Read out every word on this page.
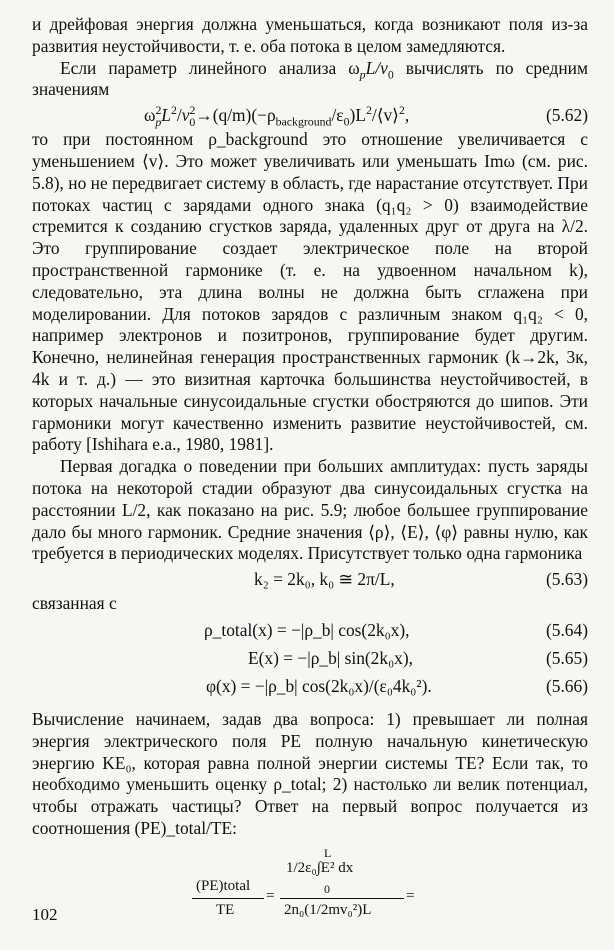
и дрейфовая энергия должна уменьшаться, когда возникают поля из-за развития неустойчивости, т. е. оба потока в целом замедляются.

Если параметр линейного анализа $\omega_pL/v_0$ вычислять по средним значениям

$\omega^2_pL^2/v^2_0\to(q/m)(-\rho_{background}/\varepsilon_0)L^2/⟨v⟩^2$,	(5.62)

то при постоянном ρ_background это отношение увеличивается с уменьшением ⟨v⟩. Это может увеличивать или уменьшать Imω (см. рис. 5.8), но не передвигает систему в область, где нарастание отсутствует. При потоках частиц с зарядами одного знака (q₁q₂ > 0) взаимодействие стремится к созданию сгустков заряда, удаленных друг от друга на λ/2. Это группирование создает электрическое поле на второй пространственной гармонике (т. е. на удвоенном начальном k), следовательно, эта длина волны не должна быть сглажена при моделировании. Для потоков зарядов с различным знаком q₁q₂ < 0, например электронов и позитронов, группирование будет другим. Конечно, нелинейная генерация пространственных гармоник (k→2k, 3к, 4k и т. д.) — это визитная карточка большинства неустойчивостей, в которых начальные синусоидальные сгустки обостряются до шипов. Эти гармоники могут качественно изменить развитие неустойчивостей, см. работу [Ishihara e.a., 1980, 1981].

Первая догадка о поведении при больших амплитудах: пусть заряды потока на некоторой стадии образуют два синусоидальных сгустка на расстоянии L/2, как показано на рис. 5.9; любое большее группирование дало бы много гармоник. Средние значения ⟨ρ⟩, ⟨E⟩, ⟨φ⟩ равны нулю, как требуется в периодических моделях. Присутствует только одна гармоника

k₂ = 2k₀, k₀ ≅ 2π/L,	(5.63)

связанная с

ρ_total(x) = −|ρ_b| cos(2k₀x),	(5.64)
E(x) = −|ρ_b| sin(2k₀x),	(5.65)
φ(x) = −|ρ_b| cos(2k₀x)/(ε₀4k₀²).	(5.66)

Вычисление начинаем, задав два вопроса: 1) превышает ли полная энергия электрического поля PE полную начальную кинетическую энергию KE₀, которая равна полной энергии системы TE? Если так, то необходимо уменьшить оценку ρ_total; 2) настолько ли велик потенциал, чтобы отражать частицы? Ответ на первый вопрос получается из соотношения (PE)_total/TE:

(PE)total
TE
=
L
1/2ε₀∫E² dx
0
2n₀(1/2mv₀²)L
=
102
